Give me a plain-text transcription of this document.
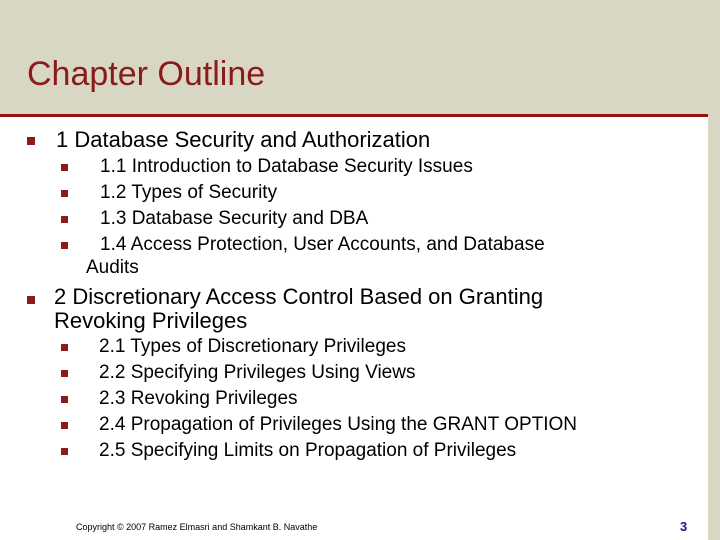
Chapter Outline
1 Database Security and Authorization
1.1 Introduction to Database Security Issues
1.2 Types of Security
1.3 Database Security and DBA
1.4 Access Protection, User Accounts, and Database
Audits
2 Discretionary Access Control Based on Granting
Revoking Privileges
2.1 Types of Discretionary Privileges
2.2 Specifying Privileges Using Views
2.3 Revoking Privileges
2.4 Propagation of Privileges Using the GRANT OPTION
2.5 Specifying Limits on Propagation of Privileges
Copyright © 2007 Ramez Elmasri and Shamkant B. Navathe	3
